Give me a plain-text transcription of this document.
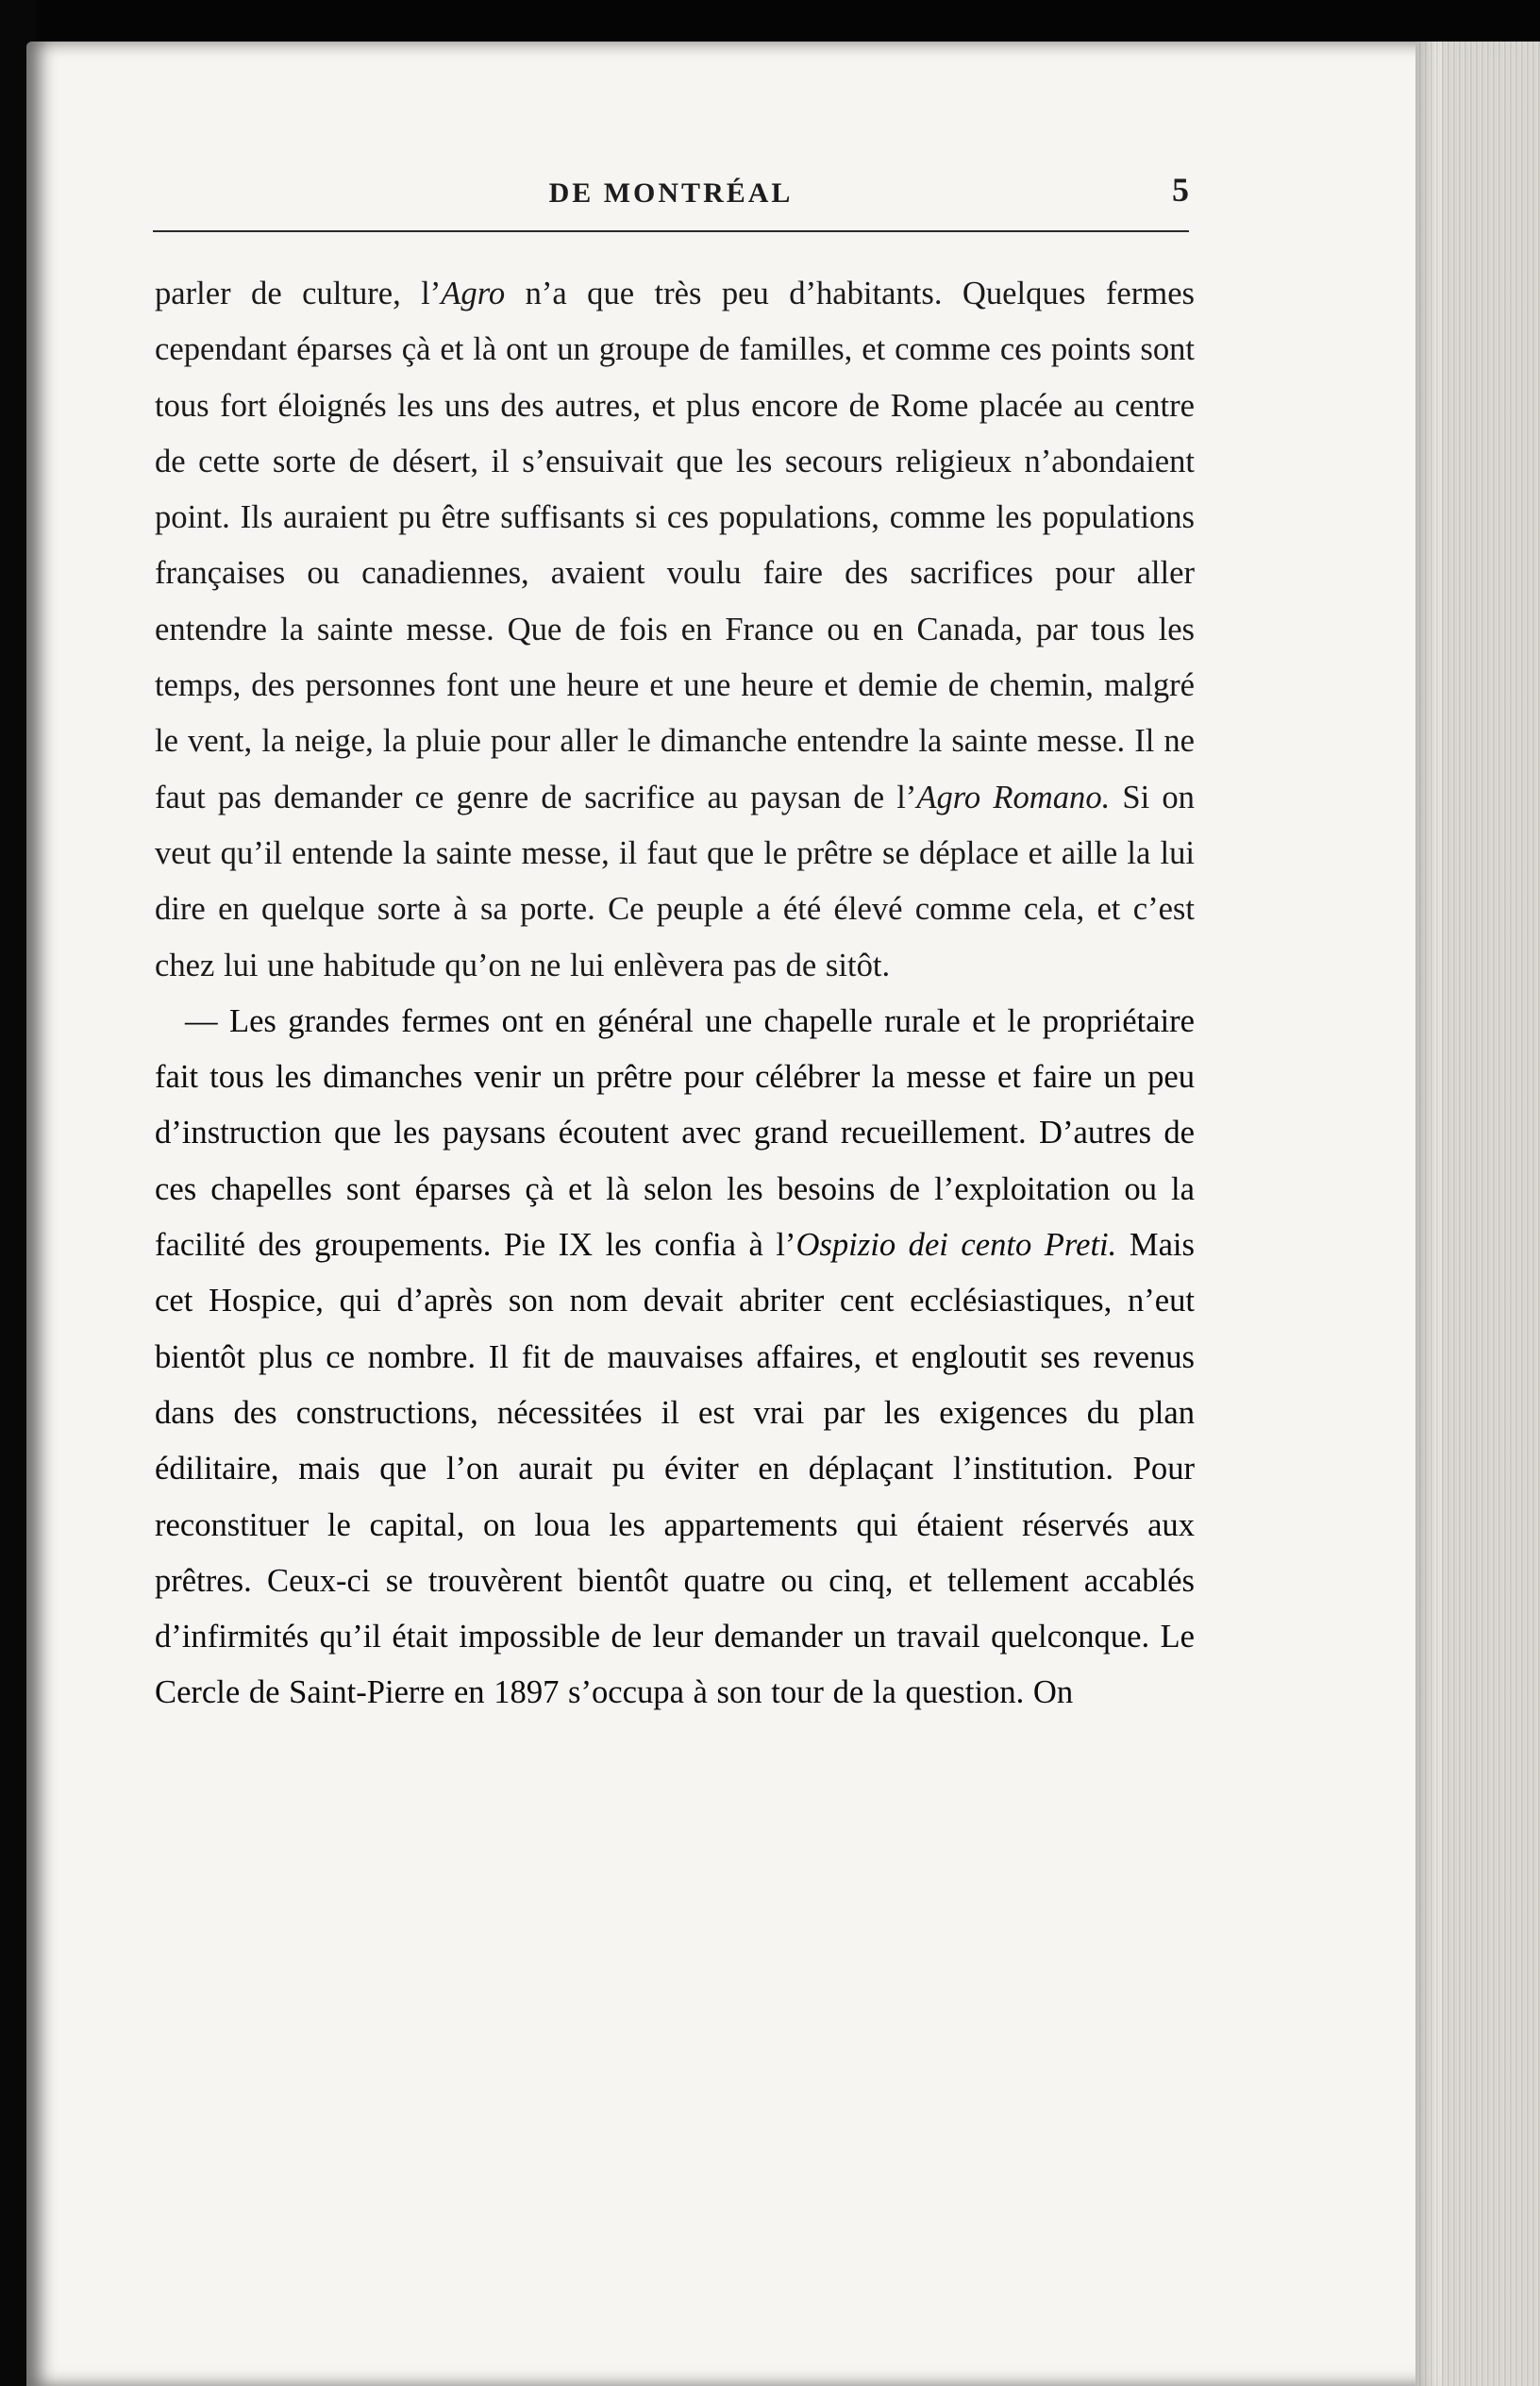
DE MONTRÉAL	5

parler de culture, l’Agro n’a que très peu d’habitants. Quelques fermes cependant éparses çà et là ont un groupe de familles, et comme ces points sont tous fort éloignés les uns des autres, et plus encore de Rome placée au centre de cette sorte de désert, il s’ensuivait que les secours religieux n’abondaient point. Ils auraient pu être suffisants si ces populations, comme les populations françaises ou canadiennes, avaient voulu faire des sacrifices pour aller entendre la sainte messe. Que de fois en France ou en Canada, par tous les temps, des personnes font une heure et une heure et demie de chemin, malgré le vent, la neige, la pluie pour aller le dimanche entendre la sainte messe. Il ne faut pas demander ce genre de sacrifice au paysan de l’Agro Romano. Si on veut qu’il entende la sainte messe, il faut que le prêtre se déplace et aille la lui dire en quelque sorte à sa porte. Ce peuple a été élevé comme cela, et c’est chez lui une habitude qu’on ne lui enlèvera pas de sitôt.

— Les grandes fermes ont en général une chapelle rurale et le propriétaire fait tous les dimanches venir un prêtre pour célébrer la messe et faire un peu d’instruction que les paysans écoutent avec grand recueillement. D’autres de ces chapelles sont éparses çà et là selon les besoins de l’exploitation ou la facilité des groupements. Pie IX les confia à l’Ospizio dei cento Preti. Mais cet Hospice, qui d’après son nom devait abriter cent ecclésiastiques, n’eut bientôt plus ce nombre. Il fit de mauvaises affaires, et engloutit ses revenus dans des constructions, nécessitées il est vrai par les exigences du plan édilitaire, mais que l’on aurait pu éviter en déplaçant l’institution. Pour reconstituer le capital, on loua les appartements qui étaient réservés aux prêtres. Ceux-ci se trouvèrent bientôt quatre ou cinq, et tellement accablés d’infirmités qu’il était impossible de leur demander un travail quelconque. Le Cercle de Saint-Pierre en 1897 s’occupa à son tour de la question. On
